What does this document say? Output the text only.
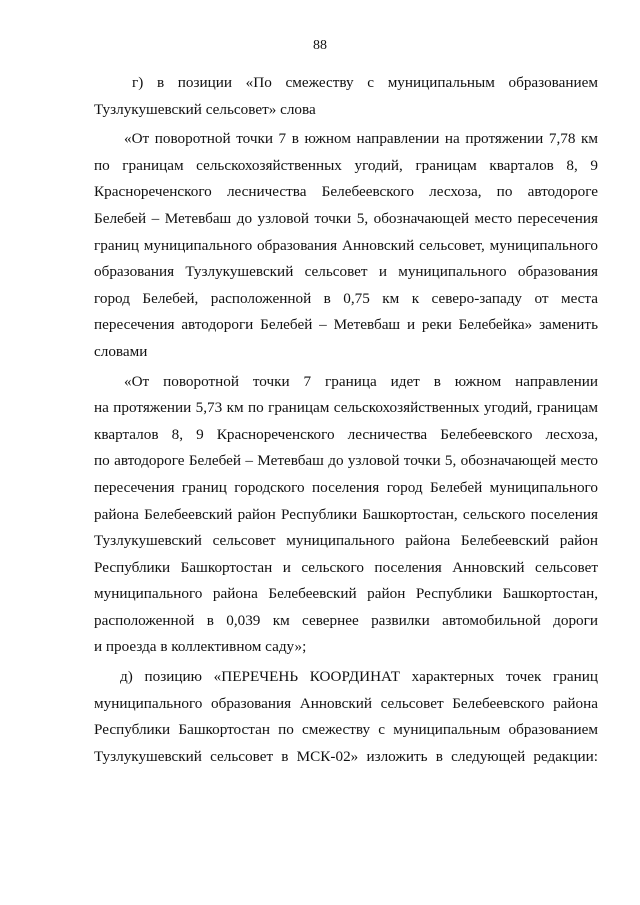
88
г) в позиции «По смежеству с муниципальным образованием
Тузлукушевский сельсовет» слова
«От поворотной точки 7 в южном направлении на протяжении 7,78 км
по границам сельскохозяйственных угодий, границам кварталов 8, 9
Краснореченского лесничества Белебеевского лесхоза, по автодороге
Белебей – Метевбаш до узловой точки 5, обозначающей место пересечения
границ муниципального образования Анновский сельсовет, муниципального
образования Тузлукушевский сельсовет и муниципального образования
город Белебей, расположенной в 0,75 км к северо-западу от места
пересечения автодороги Белебей – Метевбаш и реки Белебейка» заменить
словами
«От поворотной точки 7 граница идет в южном направлении
на протяжении 5,73 км по границам сельскохозяйственных угодий, границам
кварталов 8, 9 Краснореченского лесничества Белебеевского лесхоза,
по автодороге Белебей – Метевбаш до узловой точки 5, обозначающей место
пересечения границ городского поселения город Белебей муниципального
района Белебеевский район Республики Башкортостан, сельского поселения
Тузлукушевский сельсовет муниципального района Белебеевский район
Республики Башкортостан и сельского поселения Анновский сельсовет
муниципального района Белебеевский район Республики Башкортостан,
расположенной в 0,039 км севернее развилки автомобильной дороги
и проезда в коллективном саду»;
д) позицию «ПЕРЕЧЕНЬ КООРДИНАТ характерных точек границ
муниципального образования Анновский сельсовет Белебеевского района
Республики Башкортостан по смежеству с муниципальным образованием
Тузлукушевский сельсовет в МСК-02» изложить в следующей редакции:
